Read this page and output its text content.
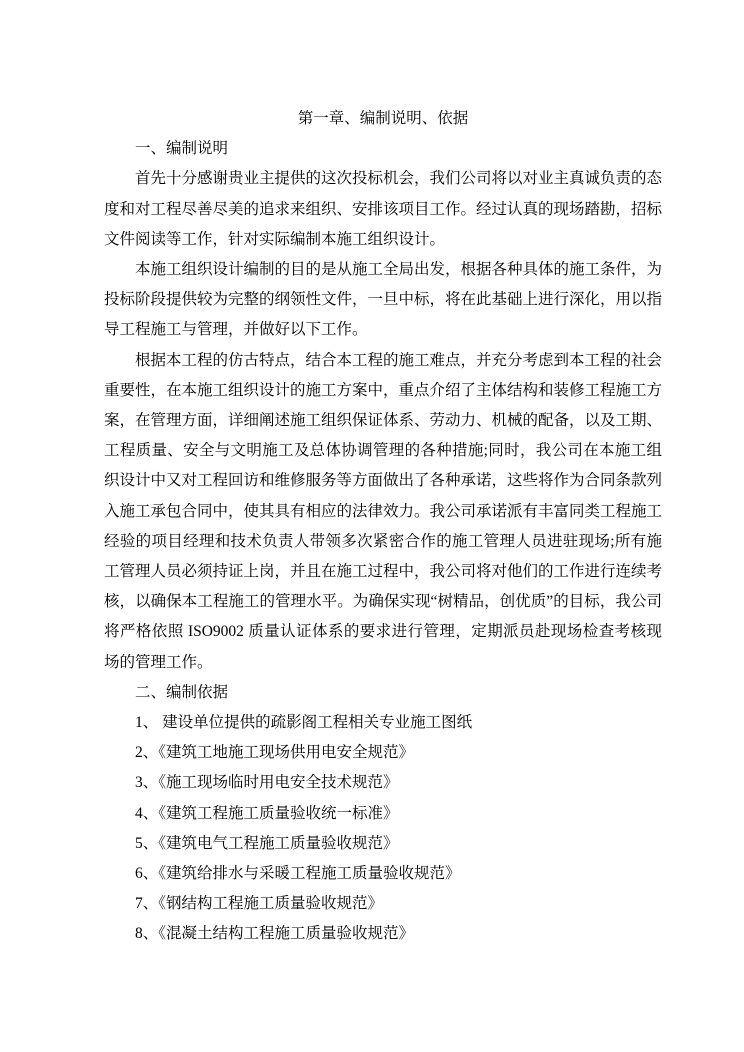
第一章、编制说明、依据

一、编制说明

首先十分感谢贵业主提供的这次投标机会，我们公司将以对业主真诚负责的态度和对工程尽善尽美的追求来组织、安排该项目工作。经过认真的现场踏勘，招标文件阅读等工作，针对实际编制本施工组织设计。

本施工组织设计编制的目的是从施工全局出发，根据各种具体的施工条件，为投标阶段提供较为完整的纲领性文件，一旦中标，将在此基础上进行深化，用以指导工程施工与管理，并做好以下工作。

根据本工程的仿古特点，结合本工程的施工难点，并充分考虑到本工程的社会重要性，在本施工组织设计的施工方案中，重点介绍了主体结构和装修工程施工方案，在管理方面，详细阐述施工组织保证体系、劳动力、机械的配备，以及工期、工程质量、安全与文明施工及总体协调管理的各种措施;同时，我公司在本施工组织设计中又对工程回访和维修服务等方面做出了各种承诺，这些将作为合同条款列入施工承包合同中，使其具有相应的法律效力。我公司承诺派有丰富同类工程施工经验的项目经理和技术负责人带领多次紧密合作的施工管理人员进驻现场;所有施工管理人员必须持证上岗，并且在施工过程中，我公司将对他们的工作进行连续考核，以确保本工程施工的管理水平。为确保实现“树精品，创优质”的目标，我公司将严格依照 ISO9002 质量认证体系的要求进行管理，定期派员赴现场检查考核现场的管理工作。

二、编制依据

1、 建设单位提供的疏影阁工程相关专业施工图纸

2、《建筑工地施工现场供用电安全规范》

3、《施工现场临时用电安全技术规范》

4、《建筑工程施工质量验收统一标准》

5、《建筑电气工程施工质量验收规范》

6、《建筑给排水与采暖工程施工质量验收规范》

7、《钢结构工程施工质量验收规范》

8、《混凝土结构工程施工质量验收规范》
